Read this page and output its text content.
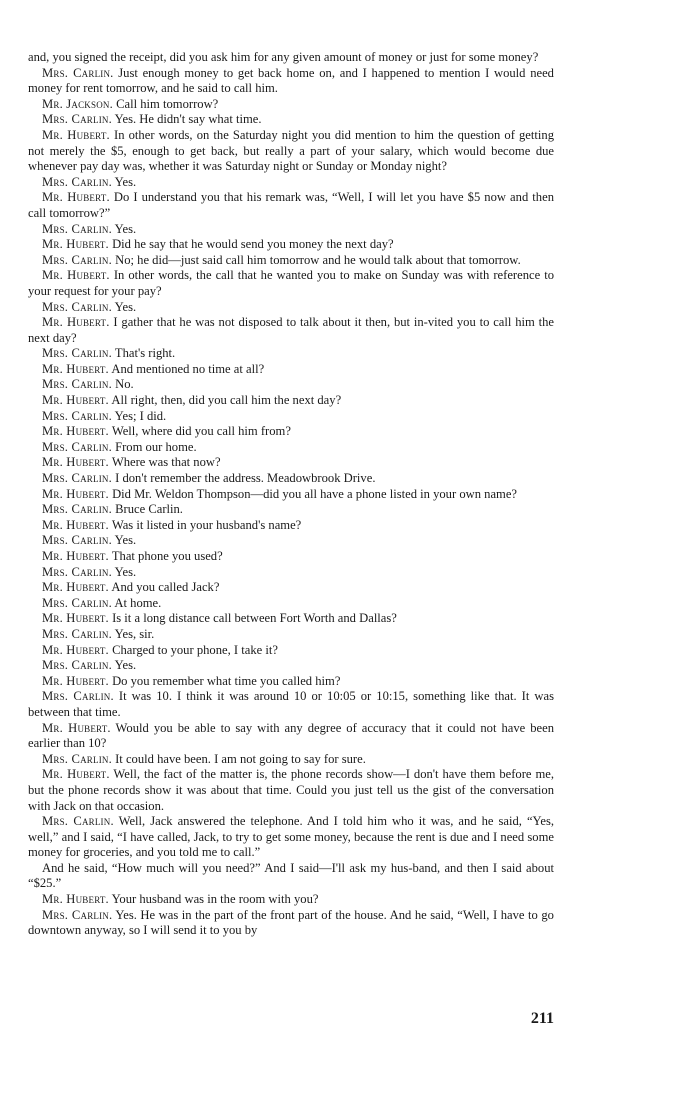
and, you signed the receipt, did you ask him for any given amount of money or just for some money?

Mrs. Carlin. Just enough money to get back home on, and I happened to mention I would need money for rent tomorrow, and he said to call him.

Mr. Jackson. Call him tomorrow?

Mrs. Carlin. Yes. He didn't say what time.

Mr. Hubert. In other words, on the Saturday night you did mention to him the question of getting not merely the $5, enough to get back, but really a part of your salary, which would become due whenever pay day was, whether it was Saturday night or Sunday or Monday night?

Mrs. Carlin. Yes.

Mr. Hubert. Do I understand you that his remark was, “Well, I will let you have $5 now and then call tomorrow?”

Mrs. Carlin. Yes.

Mr. Hubert. Did he say that he would send you money the next day?

Mrs. Carlin. No; he did—just said call him tomorrow and he would talk about that tomorrow.

Mr. Hubert. In other words, the call that he wanted you to make on Sunday was with reference to your request for your pay?

Mrs. Carlin. Yes.

Mr. Hubert. I gather that he was not disposed to talk about it then, but in-vited you to call him the next day?

Mrs. Carlin. That's right.

Mr. Hubert. And mentioned no time at all?

Mrs. Carlin. No.

Mr. Hubert. All right, then, did you call him the next day?

Mrs. Carlin. Yes; I did.

Mr. Hubert. Well, where did you call him from?

Mrs. Carlin. From our home.

Mr. Hubert. Where was that now?

Mrs. Carlin. I don't remember the address. Meadowbrook Drive.

Mr. Hubert. Did Mr. Weldon Thompson—did you all have a phone listed in your own name?

Mrs. Carlin. Bruce Carlin.

Mr. Hubert. Was it listed in your husband's name?

Mrs. Carlin. Yes.

Mr. Hubert. That phone you used?

Mrs. Carlin. Yes.

Mr. Hubert. And you called Jack?

Mrs. Carlin. At home.

Mr. Hubert. Is it a long distance call between Fort Worth and Dallas?

Mrs. Carlin. Yes, sir.

Mr. Hubert. Charged to your phone, I take it?

Mrs. Carlin. Yes.

Mr. Hubert. Do you remember what time you called him?

Mrs. Carlin. It was 10. I think it was around 10 or 10:05 or 10:15, something like that. It was between that time.

Mr. Hubert. Would you be able to say with any degree of accuracy that it could not have been earlier than 10?

Mrs. Carlin. It could have been. I am not going to say for sure.

Mr. Hubert. Well, the fact of the matter is, the phone records show—I don't have them before me, but the phone records show it was about that time. Could you just tell us the gist of the conversation with Jack on that occasion.

Mrs. Carlin. Well, Jack answered the telephone. And I told him who it was, and he said, “Yes, well,” and I said, “I have called, Jack, to try to get some money, because the rent is due and I need some money for groceries, and you told me to call.”

And he said, “How much will you need?” And I said—I'll ask my hus-band, and then I said about “$25.”

Mr. Hubert. Your husband was in the room with you?

Mrs. Carlin. Yes. He was in the part of the front part of the house. And he said, “Well, I have to go downtown anyway, so I will send it to you by

211
